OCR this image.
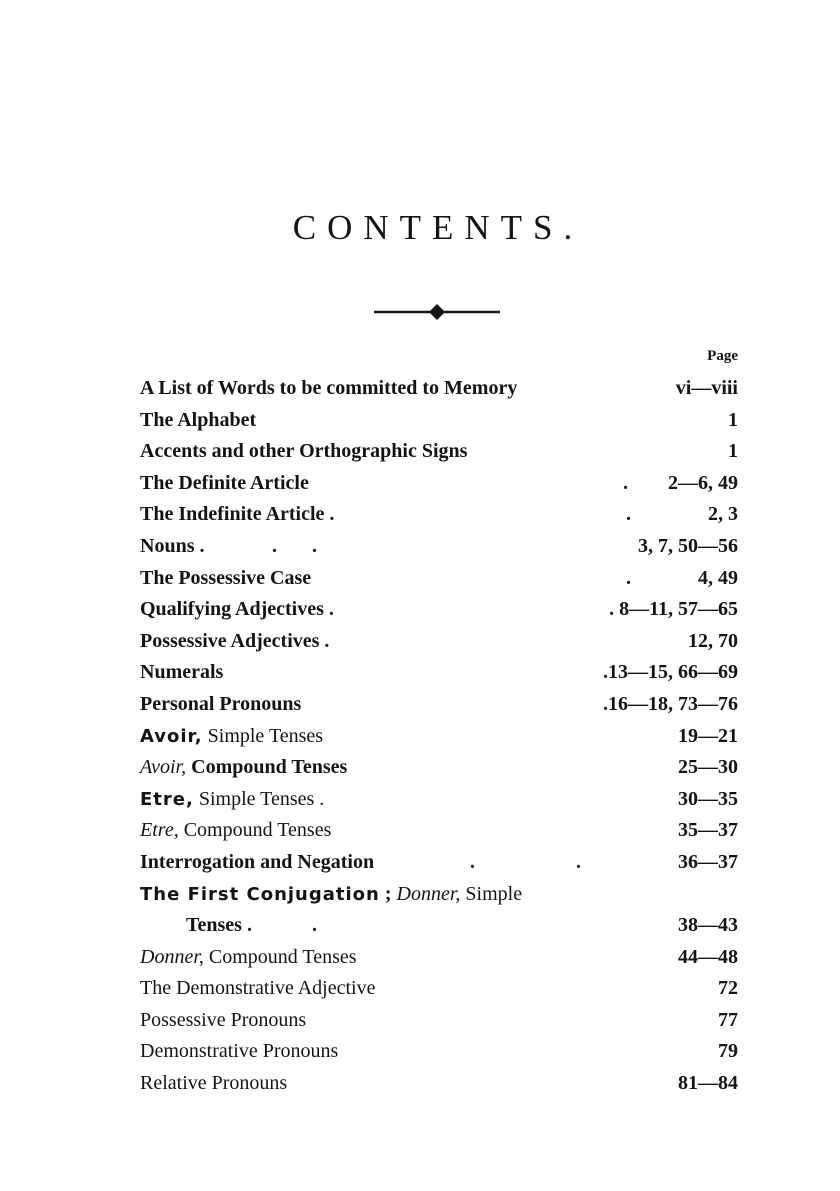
CONTENTS.
Page
A List of Words to be committed to Memory	vi—viii
The Alphabet	1
Accents and other Orthographic Signs	1
The Definite Article	. 2—6, 49
The Indefinite Article .	.	2, 3
Nouns .	. .	3, 7, 50—56
The Possessive Case	.	4, 49
Qualifying Adjectives .	. 8—11, 57—65
Possessive Adjectives .	12, 70
Numerals	.13—15, 66—69
Personal Pronouns	.16—18, 73—76
Avoir, Simple Tenses	19—21
Avoir, Compound Tenses	25—30
Etre, Simple Tenses .	30—35
Etre, Compound Tenses	35—37
Interrogation and Negation	.	.	36—37
The First Conjugation ; Donner, Simple
Tenses .	.	38—43
Donner, Compound Tenses	44—48
The Demonstrative Adjective	72
Possessive Pronouns	77
Demonstrative Pronouns	79
Relative Pronouns	81—84
